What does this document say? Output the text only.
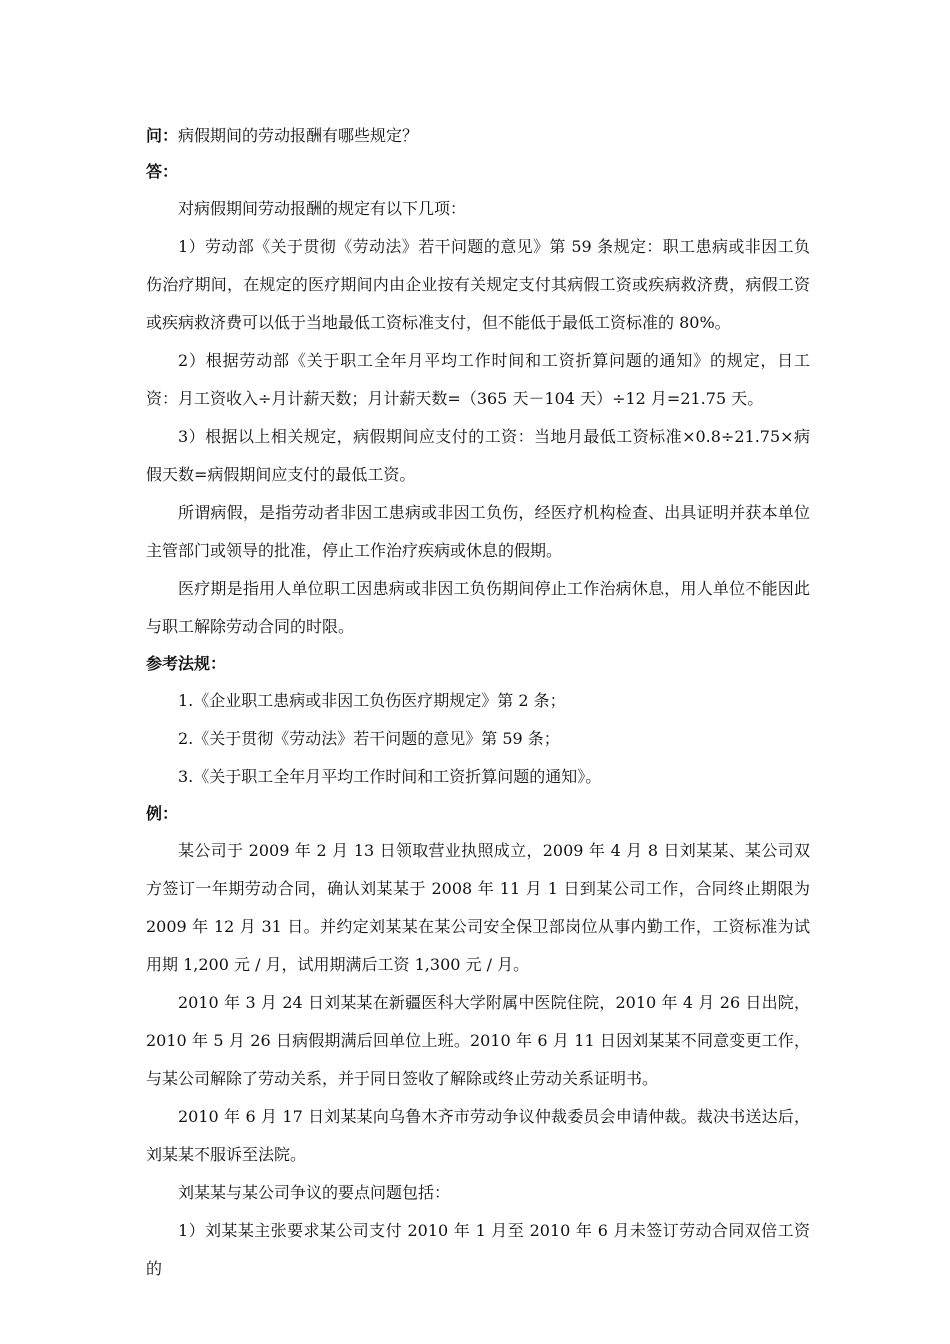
问：病假期间的劳动报酬有哪些规定？

答：

对病假期间劳动报酬的规定有以下几项：

1）劳动部《关于贯彻《劳动法》若干问题的意见》第 59 条规定：职工患病或非因工负伤治疗期间，在规定的医疗期间内由企业按有关规定支付其病假工资或疾病救济费，病假工资或疾病救济费可以低于当地最低工资标准支付，但不能低于最低工资标准的 80%。

2）根据劳动部《关于职工全年月平均工作时间和工资折算问题的通知》的规定，日工资：月工资收入÷月计薪天数；月计薪天数=（365 天－104 天）÷12 月=21.75 天。

3）根据以上相关规定，病假期间应支付的工资：当地月最低工资标准×0.8÷21.75×病假天数=病假期间应支付的最低工资。

所谓病假，是指劳动者非因工患病或非因工负伤，经医疗机构检查、出具证明并获本单位主管部门或领导的批准，停止工作治疗疾病或休息的假期。

医疗期是指用人单位职工因患病或非因工负伤期间停止工作治病休息，用人单位不能因此与职工解除劳动合同的时限。

参考法规：

1.《企业职工患病或非因工负伤医疗期规定》第 2 条；

2.《关于贯彻《劳动法》若干问题的意见》第 59 条；

3.《关于职工全年月平均工作时间和工资折算问题的通知》。

例：

某公司于 2009 年 2 月 13 日领取营业执照成立，2009 年 4 月 8 日刘某某、某公司双方签订一年期劳动合同，确认刘某某于 2008 年 11 月 1 日到某公司工作，合同终止期限为 2009 年 12 月 31 日。并约定刘某某在某公司安全保卫部岗位从事内勤工作，工资标准为试用期 1,200 元 / 月，试用期满后工资 1,300 元 / 月。

2010 年 3 月 24 日刘某某在新疆医科大学附属中医院住院，2010 年 4 月 26 日出院，2010 年 5 月 26 日病假期满后回单位上班。2010 年 6 月 11 日因刘某某不同意变更工作，与某公司解除了劳动关系，并于同日签收了解除或终止劳动关系证明书。

2010 年 6 月 17 日刘某某向乌鲁木齐市劳动争议仲裁委员会申请仲裁。裁决书送达后，刘某某不服诉至法院。

刘某某与某公司争议的要点问题包括：

1）刘某某主张要求某公司支付 2010 年 1 月至 2010 年 6 月未签订劳动合同双倍工资的
